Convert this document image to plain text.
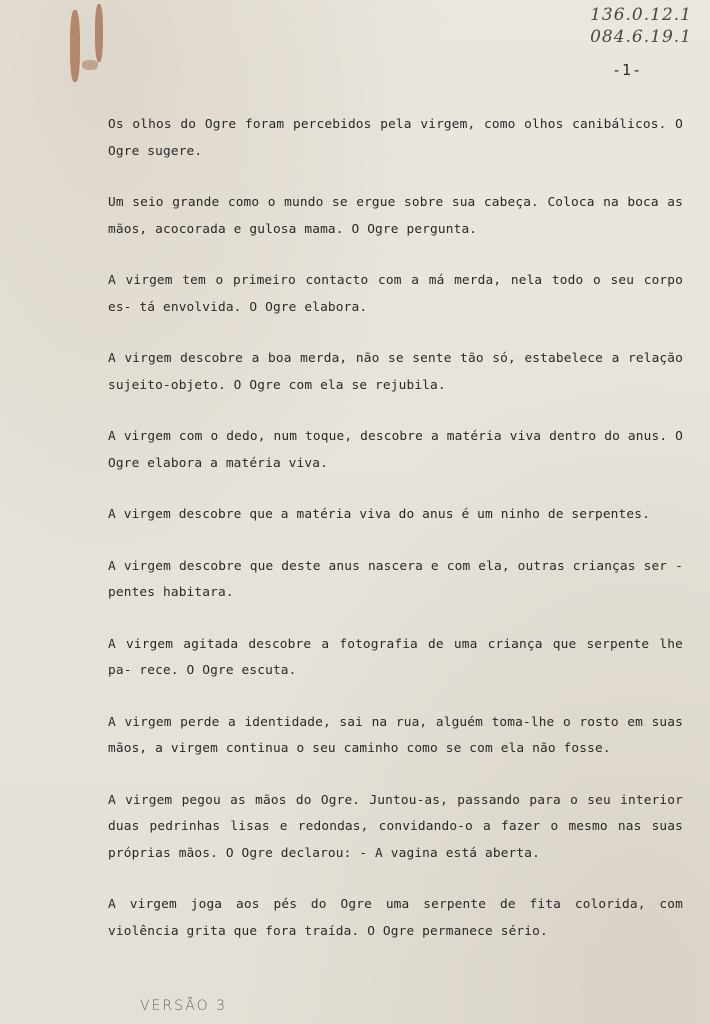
136.0.12.1
084.6.19.1
-1-

Os olhos do Ogre foram percebidos pela virgem, como olhos canibálicos. O Ogre sugere.

Um seio grande como o mundo se ergue sobre sua cabeça. Coloca na boca as mãos, acocorada e gulosa mama. O Ogre pergunta.

A virgem tem o primeiro contacto com a má merda, nela todo o seu corpo es- tá envolvida. O Ogre elabora.

A virgem descobre a boa merda, não se sente tão só, estabelece a relação sujeito-objeto. O Ogre com ela se rejubila.

A virgem com o dedo, num toque, descobre a matéria viva dentro do anus. O Ogre elabora a matéria viva.

A virgem descobre que a matéria viva do anus é um ninho de serpentes.

A virgem descobre que deste anus nascera e com ela, outras crianças ser - pentes habitara.

A virgem agitada descobre a fotografia de uma criança que serpente lhe pa- rece. O Ogre escuta.

A virgem perde a identidade, sai na rua, alguém toma-lhe o rosto em suas mãos, a virgem continua o seu caminho como se com ela não fosse.

A virgem pegou as mãos do Ogre. Juntou-as, passando para o seu interior duas pedrinhas lisas e redondas, convidando-o a fazer o mesmo nas suas próprias mãos. O Ogre declarou: - A vagina está aberta.

A virgem joga aos pés do Ogre uma serpente de fita colorida, com violência grita que fora traída. O Ogre permanece sério.

VERSÃO 3
